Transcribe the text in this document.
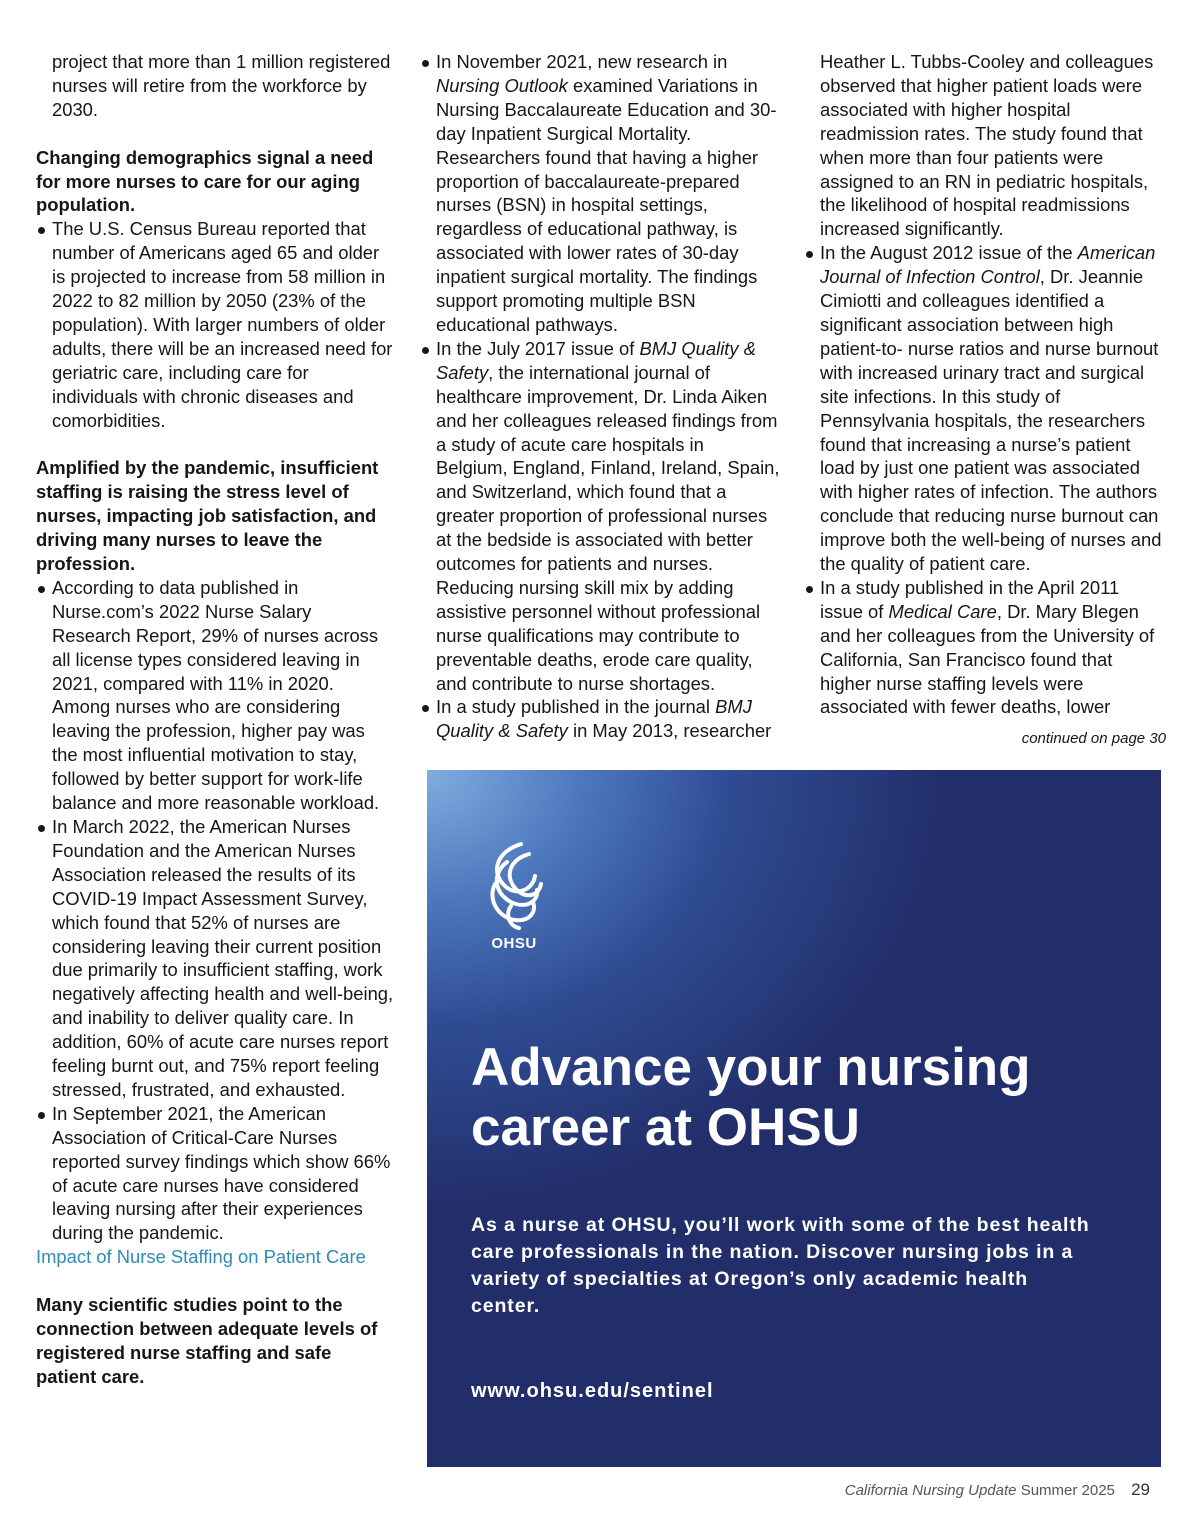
project that more than 1 million registered nurses will retire from the workforce by 2030.

Changing demographics signal a need for more nurses to care for our aging population.

The U.S. Census Bureau reported that number of Americans aged 65 and older is projected to increase from 58 million in 2022 to 82 million by 2050 (23% of the population). With larger numbers of older adults, there will be an increased need for geriatric care, including care for individuals with chronic diseases and comorbidities.

Amplified by the pandemic, insufficient staffing is raising the stress level of nurses, impacting job satisfaction, and driving many nurses to leave the profession.

According to data published in Nurse.com’s 2022 Nurse Salary Research Report, 29% of nurses across all license types considered leaving in 2021, compared with 11% in 2020. Among nurses who are considering leaving the profession, higher pay was the most influential motivation to stay, followed by better support for work-life balance and more reasonable workload.
In March 2022, the American Nurses Foundation and the American Nurses Association released the results of its COVID-19 Impact Assessment Survey, which found that 52% of nurses are considering leaving their current position due primarily to insufficient staffing, work negatively affecting health and well-being, and inability to deliver quality care. In addition, 60% of acute care nurses report feeling burnt out, and 75% report feeling stressed, frustrated, and exhausted.
In September 2021, the American Association of Critical-Care Nurses reported survey findings which show 66% of acute care nurses have considered leaving nursing after their experiences during the pandemic.

Impact of Nurse Staffing on Patient Care

Many scientific studies point to the connection between adequate levels of registered nurse staffing and safe patient care.

In November 2021, new research in Nursing Outlook examined Variations in Nursing Baccalaureate Education and 30-day Inpatient Surgical Mortality. Researchers found that having a higher proportion of baccalaureate-prepared nurses (BSN) in hospital settings, regardless of educational pathway, is associated with lower rates of 30-day inpatient surgical mortality. The findings support promoting multiple BSN educational pathways.
In the July 2017 issue of BMJ Quality & Safety, the international journal of healthcare improvement, Dr. Linda Aiken and her colleagues released findings from a study of acute care hospitals in Belgium, England, Finland, Ireland, Spain, and Switzerland, which found that a greater proportion of professional nurses at the bedside is associated with better outcomes for patients and nurses. Reducing nursing skill mix by adding assistive personnel without professional nurse qualifications may contribute to preventable deaths, erode care quality, and contribute to nurse shortages.
In a study published in the journal BMJ Quality & Safety in May 2013, researcher

Heather L. Tubbs-Cooley and colleagues observed that higher patient loads were associated with higher hospital readmission rates. The study found that when more than four patients were assigned to an RN in pediatric hospitals, the likelihood of hospital readmissions increased significantly.

In the August 2012 issue of the American Journal of Infection Control, Dr. Jeannie Cimiotti and colleagues identified a significant association between high patient-to- nurse ratios and nurse burnout with increased urinary tract and surgical site infections. In this study of Pennsylvania hospitals, the researchers found that increasing a nurse’s patient load by just one patient was associated with higher rates of infection. The authors conclude that reducing nurse burnout can improve both the well-being of nurses and the quality of patient care.
In a study published in the April 2011 issue of Medical Care, Dr. Mary Blegen and her colleagues from the University of California, San Francisco found that higher nurse staffing levels were associated with fewer deaths, lower

continued on page 30

OHSU
Advance your nursing career at OHSU

As a nurse at OHSU, you’ll work with some of the best health care professionals in the nation. Discover nursing jobs in a variety of specialties at Oregon’s only academic health center.

www.ohsu.edu/sentinel

California Nursing Update Summer 2025 29
